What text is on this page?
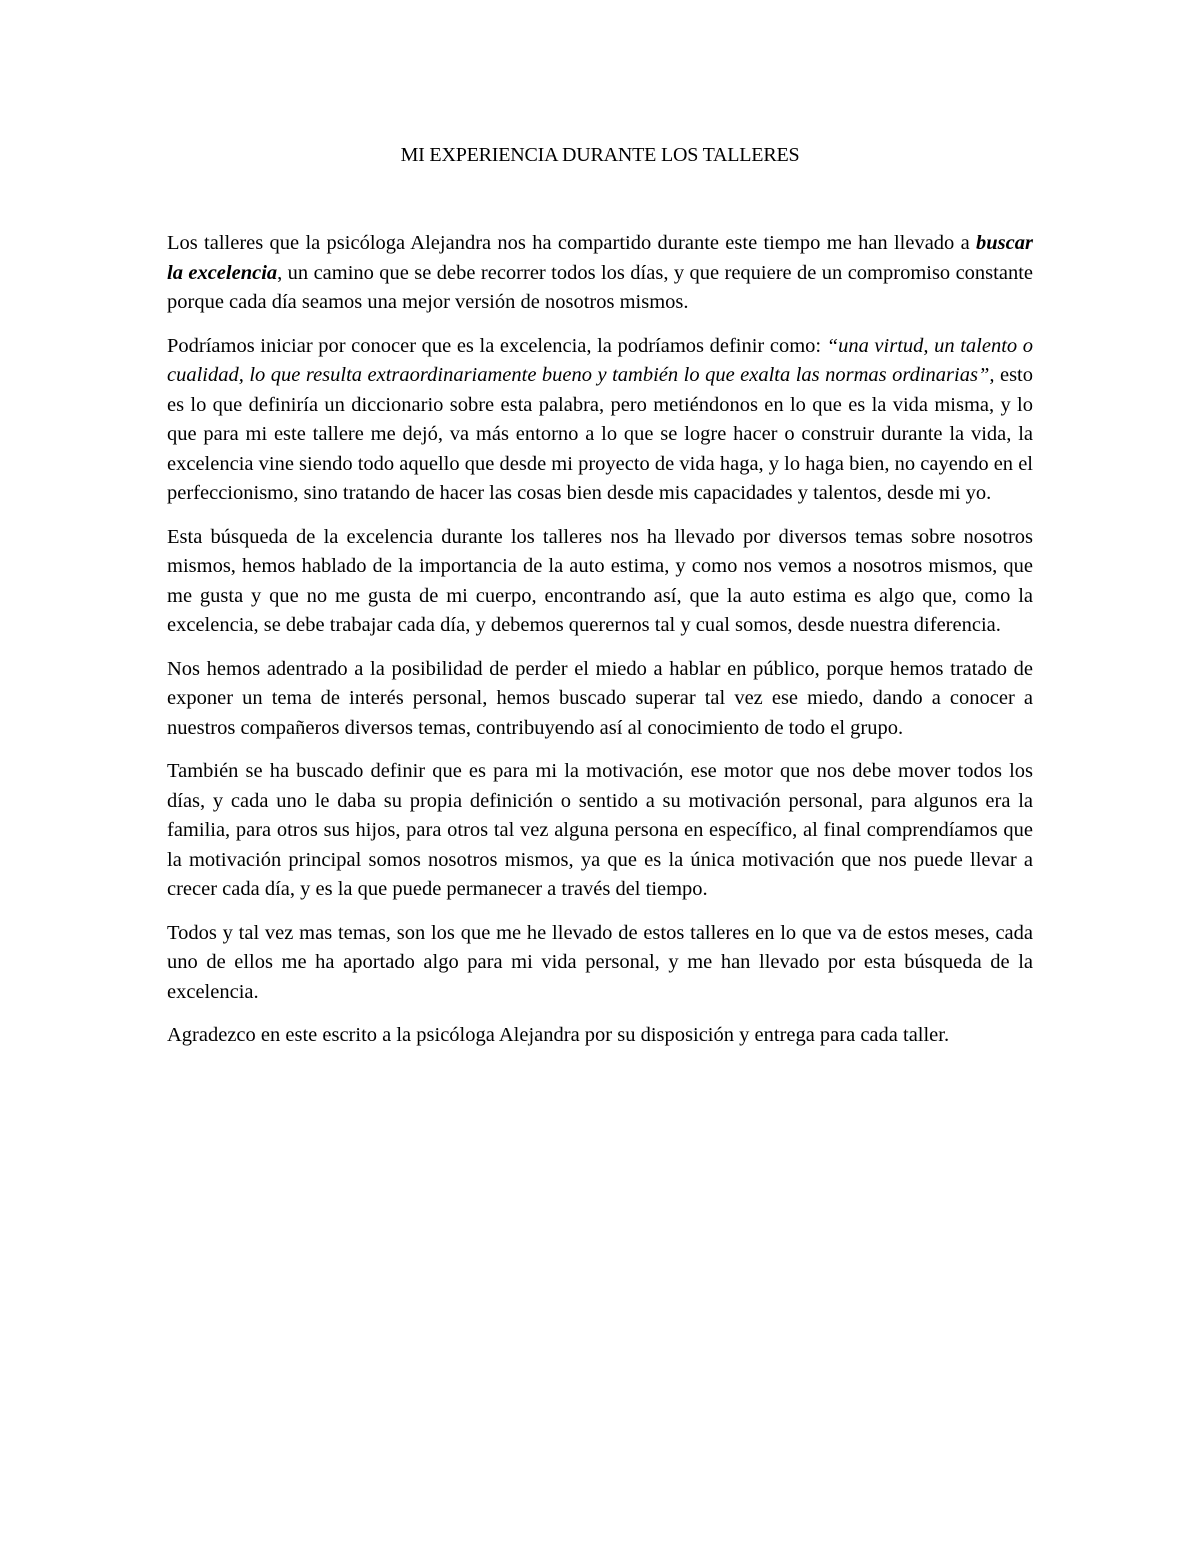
MI EXPERIENCIA DURANTE LOS TALLERES

Los talleres que la psicóloga Alejandra nos ha compartido durante este tiempo me han llevado a buscar la excelencia, un camino que se debe recorrer todos los días, y que requiere de un compromiso constante porque cada día seamos una mejor versión de nosotros mismos.

Podríamos iniciar por conocer que es la excelencia, la podríamos definir como: “una virtud, un talento o cualidad, lo que resulta extraordinariamente bueno y también lo que exalta las normas ordinarias”, esto es lo que definiría un diccionario sobre esta palabra, pero metiéndonos en lo que es la vida misma, y lo que para mi este tallere me dejó, va más entorno a lo que se logre hacer o construir durante la vida, la excelencia vine siendo todo aquello que desde mi proyecto de vida haga, y lo haga bien, no cayendo en el perfeccionismo, sino tratando de hacer las cosas bien desde mis capacidades y talentos, desde mi yo.

Esta búsqueda de la excelencia durante los talleres nos ha llevado por diversos temas sobre nosotros mismos, hemos hablado de la importancia de la auto estima, y como nos vemos a nosotros mismos, que me gusta y que no me gusta de mi cuerpo, encontrando así, que la auto estima es algo que, como la excelencia, se debe trabajar cada día, y debemos querernos tal y cual somos, desde nuestra diferencia.

Nos hemos adentrado a la posibilidad de perder el miedo a hablar en público, porque hemos tratado de exponer un tema de interés personal, hemos buscado superar tal vez ese miedo, dando a conocer a nuestros compañeros diversos temas, contribuyendo así al conocimiento de todo el grupo.

También se ha buscado definir que es para mi la motivación, ese motor que nos debe mover todos los días, y cada uno le daba su propia definición o sentido a su motivación personal, para algunos era la familia, para otros sus hijos, para otros tal vez alguna persona en específico, al final comprendíamos que la motivación principal somos nosotros mismos, ya que es la única motivación que nos puede llevar a crecer cada día, y es la que puede permanecer a través del tiempo.

Todos y tal vez mas temas, son los que me he llevado de estos talleres en lo que va de estos meses, cada uno de ellos me ha aportado algo para mi vida personal, y me han llevado por esta búsqueda de la excelencia.

Agradezco en este escrito a la psicóloga Alejandra por su disposición y entrega para cada taller.
